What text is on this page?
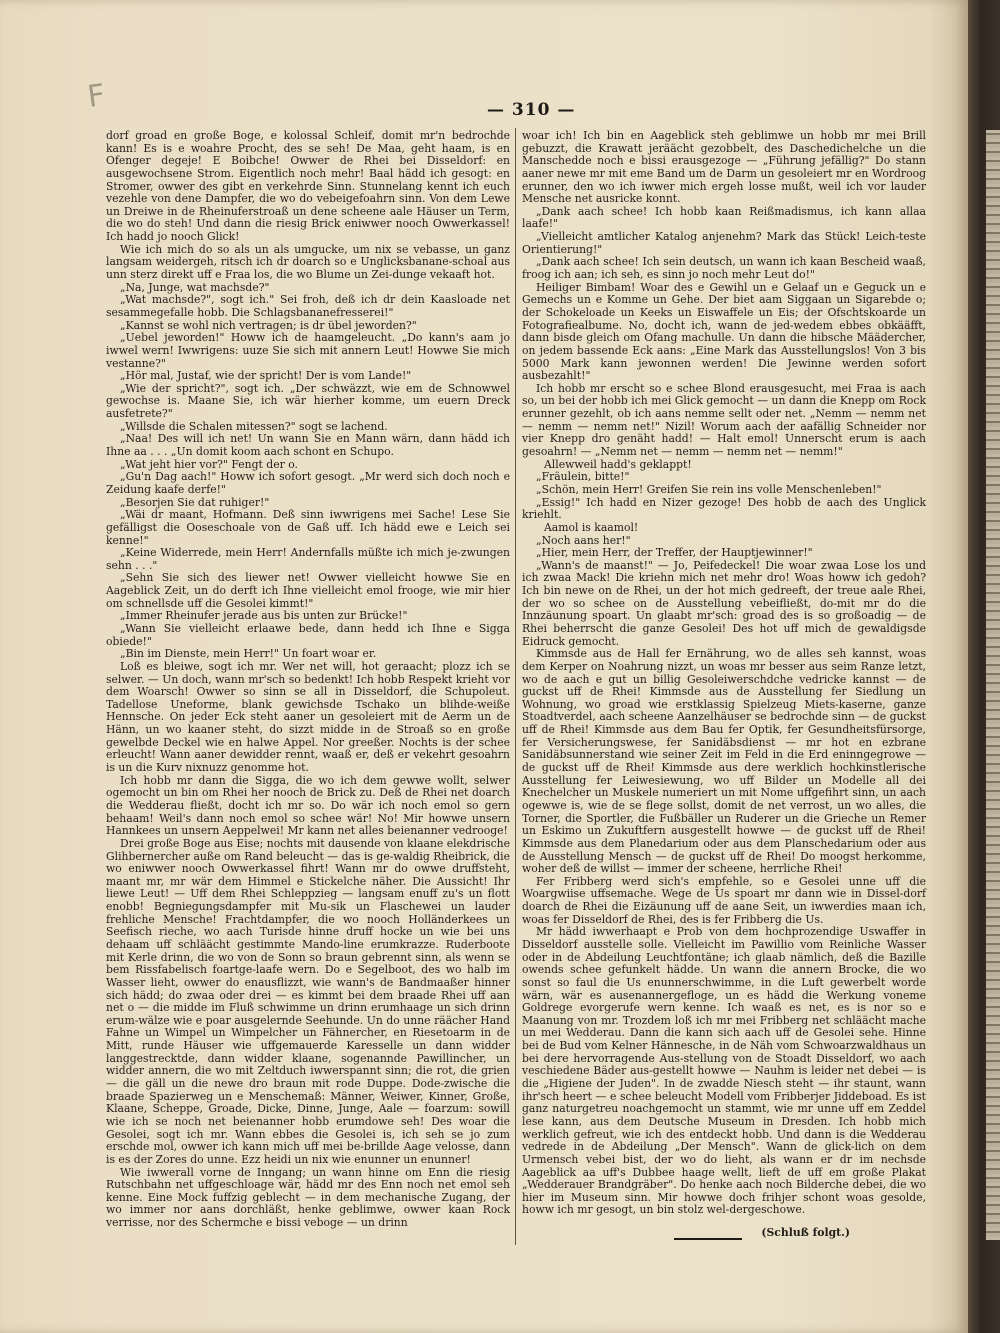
F	— 310 —

dorf groad en große Boge, e kolossal Schleif, domit mr'n bedrochde kann! Es is e woahre Procht, des se seh! De Maa, geht haam, is en Ofenger degeje! E Boibche! Owwer de Rhei bei Disseldorf: en ausgewochsene Strom. Eigentlich noch mehr! Baal hädd ich gesogt: en Stromer, owwer des gibt en verkehrde Sinn. Stunnelang kennt ich euch vezehle von dene Dampfer, die wo do vebeigefoahrn sinn. Von dem Lewe un Dreiwe in de Rheinuferstroaß un dene scheene aale Häuser un Term, die wo do steh! Und dann die riesig Brick eniwwer nooch Owwerkassel! Ich hadd jo nooch Glick!

Wie ich mich do so als un als umgucke, um nix se vebasse, un ganz langsam weidergeh, ritsch ich dr doarch so e Unglicksbanane-schoal aus unn sterz direkt uff e Fraa los, die wo Blume un Zei-dunge vekaaft hot.

„Na, Junge, wat machsde?"

„Wat machsde?", sogt ich." Sei froh, deß ich dr dein Kaasloade net sesammegefalle hobb. Die Schlagsbananefresserei!"

„Kannst se wohl nich vertragen; is dr übel jeworden?"

„Uebel jeworden!" Howw ich de haamgeleucht. „Do kann's aam jo iwwel wern! Iwwrigens: uuze Sie sich mit annern Leut! Howwe Sie mich vestanne?"

„Hör mal, Justaf, wie der spricht! Der is vom Lande!"

„Wie der spricht?", sogt ich. „Der schwäzzt, wie em de Schnowwel gewochse is. Maane Sie, ich wär hierher komme, um euern Dreck ausfetrete?"

„Willsde die Schalen mitessen?" sogt se lachend.

„Naa! Des will ich net! Un wann Sie en Mann wärn, dann hädd ich Ihne aa . . . „Un domit koom aach schont en Schupo.

„Wat jeht hier vor?" Fengt der o.

„Gu'n Dag aach!" Howw ich sofort gesogt. „Mr werd sich doch noch e Zeidung kaafe derfe!"

„Besorjen Sie dat ruhiger!"

„Wäi dr maant, Hofmann. Deß sinn iwwrigens mei Sache! Lese Sie gefälligst die Ooseschoale von de Gaß uff. Ich hädd ewe e Leich sei kenne!"

„Keine Widerrede, mein Herr! Andernfalls müßte ich mich je-zwungen sehn . . ."

„Sehn Sie sich des liewer net! Owwer vielleicht howwe Sie en Aageblick Zeit, un do derft ich Ihne vielleicht emol frooge, wie mir hier om schnellsde uff die Gesolei kimmt!"

„Immer Rheinufer jerade aus bis unten zur Brücke!"

„Wann Sie vielleicht erlaawe bede, dann hedd ich Ihne e Sigga obiede!"

„Bin im Dienste, mein Herr!" Un foart woar er.

Loß es bleiwe, sogt ich mr. Wer net will, hot geraacht; plozz ich se selwer. — Un doch, wann mr'sch so bedenkt! Ich hobb Respekt krieht vor dem Woarsch! Owwer so sinn se all in Disseldorf, die Schupoleut. Tadellose Uneforme, blank gewichsde Tschako un blihde-weiße Hennsche. On jeder Eck steht aaner un gesoleiert mit de Aerm un de Hänn, un wo kaaner steht, do sizzt midde in de Stroaß so en große gewelbde Deckel wie en halwe Appel. Nor greeßer. Nochts is der schee erleucht! Wann aaner dewidder rennt, waaß er, deß er vekehrt gesoahrn is un die Kurv nixnuzz genomme hot.

Ich hobb mr dann die Sigga, die wo ich dem gewwe wollt, selwer ogemocht un bin om Rhei her nooch de Brick zu. Deß de Rhei net doarch die Wedderau fließt, docht ich mr so. Do wär ich noch emol so gern behaam! Weil's dann noch emol so schee wär! No! Mir howwe unsern Hannkees un unsern Aeppelwei! Mr kann net alles beienanner vedrooge!

Drei große Boge aus Eise; nochts mit dausende von klaane elekdrische Glihbernercher auße om Rand beleucht — das is ge-waldig Rheibrick, die wo eniwwer nooch Owwerkassel fihrt! Wann mr do owwe druffsteht, maant mr, mr wär dem Himmel e Stickelche näher. Die Aussicht! Ihr liewe Leut! — Uff dem Rhei Schleppzieg — langsam enuff zu's un flott enobb! Begniegungsdampfer mit Mu-sik un Flaschewei un lauder frehliche Mensche! Frachtdampfer, die wo nooch Holländerkees un Seefisch rieche, wo aach Turisde hinne druff hocke un wie bei uns dehaam uff schläächt gestimmte Mando-line erumkrazze. Ruderboote mit Kerle drinn, die wo von de Sonn so braun gebrennt sinn, als wenn se bem Rissfabelisch foartge-laafe wern. Do e Segelboot, des wo halb im Wasser lieht, owwer do enausflizzt, wie wann's de Bandmaaßer hinner sich hädd; do zwaa oder drei — es kimmt bei dem braade Rhei uff aan net o — die midde im Fluß schwimme un drinn erumhaage un sich drinn erum-wälze wie e poar ausgelernde Seehunde. Un do unne räächer Hand Fahne un Wimpel un Wimpelcher un Fähnercher, en Riesetoarm in de Mitt, runde Häuser wie uffgemauerde Karesselle un dann widder langgestrecktde, dann widder klaane, sogenannde Pawillincher, un widder annern, die wo mit Zeltduch iwwerspannt sinn; die rot, die grien — die gäll un die newe dro braun mit rode Duppe. Dode-zwische die braade Spazierweg un e Menschemaß: Männer, Weiwer, Kinner, Große, Klaane, Scheppe, Groade, Dicke, Dinne, Junge, Aale — foarzum: sowill wie ich se noch net beienanner hobb erumdowe seh! Des woar die Gesolei, sogt ich mr. Wann ebbes die Gesolei is, ich seh se jo zum erschde mol, owwer ich kann mich uff mei be-brillde Aage velosse, dann is es der Zores do unne. Ezz heidi un nix wie enunner un enunner!

Wie iwwerall vorne de Inngang; un wann hinne om Enn die riesig Rutschbahn net uffgeschloage wär, hädd mr des Enn noch net emol seh kenne. Eine Mock fuffzig geblecht — in dem mechanische Zugang, der wo immer nor aans dorchläßt, henke geblimwe, owwer kaan Rock verrisse, nor des Schermche e bissi veboge — un drinn

woar ich! Ich bin en Aageblick steh geblimwe un hobb mr mei Brill gebuzzt, die Krawatt jeräächt gezobbelt, des Daschedichelche un die Manschedde noch e bissi erausgezoge — „Führung jefällig?" Do stann aaner newe mr mit eme Band um de Darm un gesoleiert mr en Wordroog erunner, den wo ich iwwer mich ergeh losse mußt, weil ich vor lauder Mensche net ausricke konnt.

„Dank aach schee! Ich hobb kaan Reißmadismus, ich kann allaa laafe!"

„Vielleicht amtlicher Katalog anjenehm? Mark das Stück! Leich-teste Orientierung!"

„Dank aach schee! Ich sein deutsch, un wann ich kaan Bescheid waaß, froog ich aan; ich seh, es sinn jo noch mehr Leut do!"

Heiliger Bimbam! Woar des e Gewihl un e Gelaaf un e Geguck un e Gemechs un e Komme un Gehe. Der biet aam Siggaan un Sigarebde o; der Schokeloade un Keeks un Eiswaffele un Eis; der Ofschtskoarde un Fotografiealbume. No, docht ich, wann de jed-wedem ebbes obkääfft, dann bisde gleich om Ofang machulle. Un dann die hibsche Määdercher, on jedem bassende Eck aans: „Eine Mark das Ausstellungslos! Von 3 bis 5000 Mark kann jewonnen werden! Die Jewinne werden sofort ausbezahlt!"

Ich hobb mr erscht so e schee Blond erausgesucht, mei Fraa is aach so, un bei der hobb ich mei Glick gemocht — un dann die Knepp om Rock erunner gezehlt, ob ich aans nemme sellt oder net. „Nemm — nemm net — nemm — nemm net!" Nizil! Worum aach der aafällig Schneider nor vier Knepp dro genäht hadd! — Halt emol! Unnerscht erum is aach gesoahrn! — „Nemm net — nemm — nemm net — nemm!"

Allewweil hadd's geklappt!

„Fräulein, bitte!"

„Schön, mein Herr! Greifen Sie rein ins volle Menschenleben!"

„Essig!" Ich hadd en Nizer gezoge! Des hobb de aach des Unglick kriehlt.

Aamol is kaamol!

„Noch aans her!"

„Hier, mein Herr, der Treffer, der Hauptjewinner!"

„Wann's de maanst!" — Jo, Peifedeckel! Die woar zwaa Lose los und ich zwaa Mack! Die kriehn mich net mehr dro! Woas howw ich gedoh? Ich bin newe on de Rhei, un der hot mich gedreeft, der treue aale Rhei, der wo so schee on de Ausstellung vebeifließt, do-mit mr do die Innzäunung spoart. Un glaabt mr'sch: groad des is so großoadig — de Rhei beherrscht die ganze Gesolei! Des hot uff mich de gewaldigsde Eidruck gemocht.

Kimmsde aus de Hall fer Ernährung, wo de alles seh kannst, woas dem Kerper on Noahrung nizzt, un woas mr besser aus seim Ranze letzt, wo de aach e gut un billig Gesoleiwerschdche vedricke kannst — de guckst uff de Rhei! Kimmsde aus de Ausstellung fer Siedlung un Wohnung, wo groad wie erstklassig Spielzeug Miets-kaserne, ganze Stoadtverdel, aach scheene Aanzelhäuser se bedrochde sinn — de guckst uff de Rhei! Kimmsde aus dem Bau fer Optik, fer Gesundheitsfürsorge, fer Versicherungswese, fer Sanidäbsdienst — mr hot en ezbrane Sanidäbsunnerstand wie seiner Zeit im Feld in die Erd eninngegrowe — de guckst uff de Rhei! Kimmsde aus dere werklich hochkinstlerische Ausstellung fer Leiwesiewung, wo uff Bilder un Modelle all dei Knechelcher un Muskele numeriert un mit Nome uffgefihrt sinn, un aach ogewwe is, wie de se flege sollst, domit de net verrost, un wo alles, die Torner, die Sportler, die Fußbäller un Ruderer un die Grieche un Remer un Eskimo un Zukuftfern ausgestellt howwe — de guckst uff de Rhei! Kimmsde aus dem Planedarium oder aus dem Planschedarium oder aus de Ausstellung Mensch — de guckst uff de Rhei! Do moogst herkomme, woher deß de willst — immer der scheene, herrliche Rhei!

Fer Fribberg werd sich's empfehle, so e Gesolei unne uff die Woargwiise uffsemache. Wege de Us spoart mr dann wie in Dissel-dorf doarch de Rhei die Eizäunung uff de aane Seit, un iwwerdies maan ich, woas fer Disseldorf de Rhei, des is fer Fribberg die Us.

Mr hädd iwwerhaapt e Prob von dem hochprozendige Uswaffer in Disseldorf ausstelle solle. Vielleicht im Pawillio vom Reinliche Wasser oder in de Abdeilung Leuchtfontäne; ich glaab nämlich, deß die Bazille owends schee gefunkelt hädde. Un wann die annern Brocke, die wo sonst so faul die Us enunnerschwimme, in die Luft gewerbelt worde wärn, wär es ausenannergefloge, un es hädd die Werkung voneme Goldrege evorgerufe wern kenne. Ich waaß es net, es is nor so e Maanung von mr. Trozdem loß ich mr mei Fribberg net schläächt mache un mei Wedderau. Dann die kann sich aach uff de Gesolei sehe. Hinne bei de Bud vom Kelner Hännesche, in de Näh vom Schwoarzwaldhaus un bei dere hervorragende Aus-stellung von de Stoadt Disseldorf, wo aach veschiedene Bäder aus-gestellt howwe — Nauhm is leider net debei — is die „Higiene der Juden". In de zwadde Niesch steht — ihr staunt, wann ihr'sch heert — e schee beleucht Modell vom Fribberjer Jiddeboad. Es ist ganz naturgetreu noachgemocht un stammt, wie mr unne uff em Zeddel lese kann, aus dem Deutsche Museum in Dresden. Ich hobb mich werklich gefreut, wie ich des entdeckt hobb. Und dann is die Wedderau vedrede in de Abdeilung „Der Mensch". Wann de glick-lich on dem Urmensch vebei bist, der wo do lieht, als wann er dr im nechsde Aageblick aa uff's Dubbee haage wellt, lieft de uff em große Plakat „Wedderauer Brandgräber". Do henke aach noch Bilderche debei, die wo hier im Museum sinn. Mir howwe doch frihjer schont woas gesolde, howw ich mr gesogt, un bin stolz wel-dergeschowe.

(Schluß folgt.)
